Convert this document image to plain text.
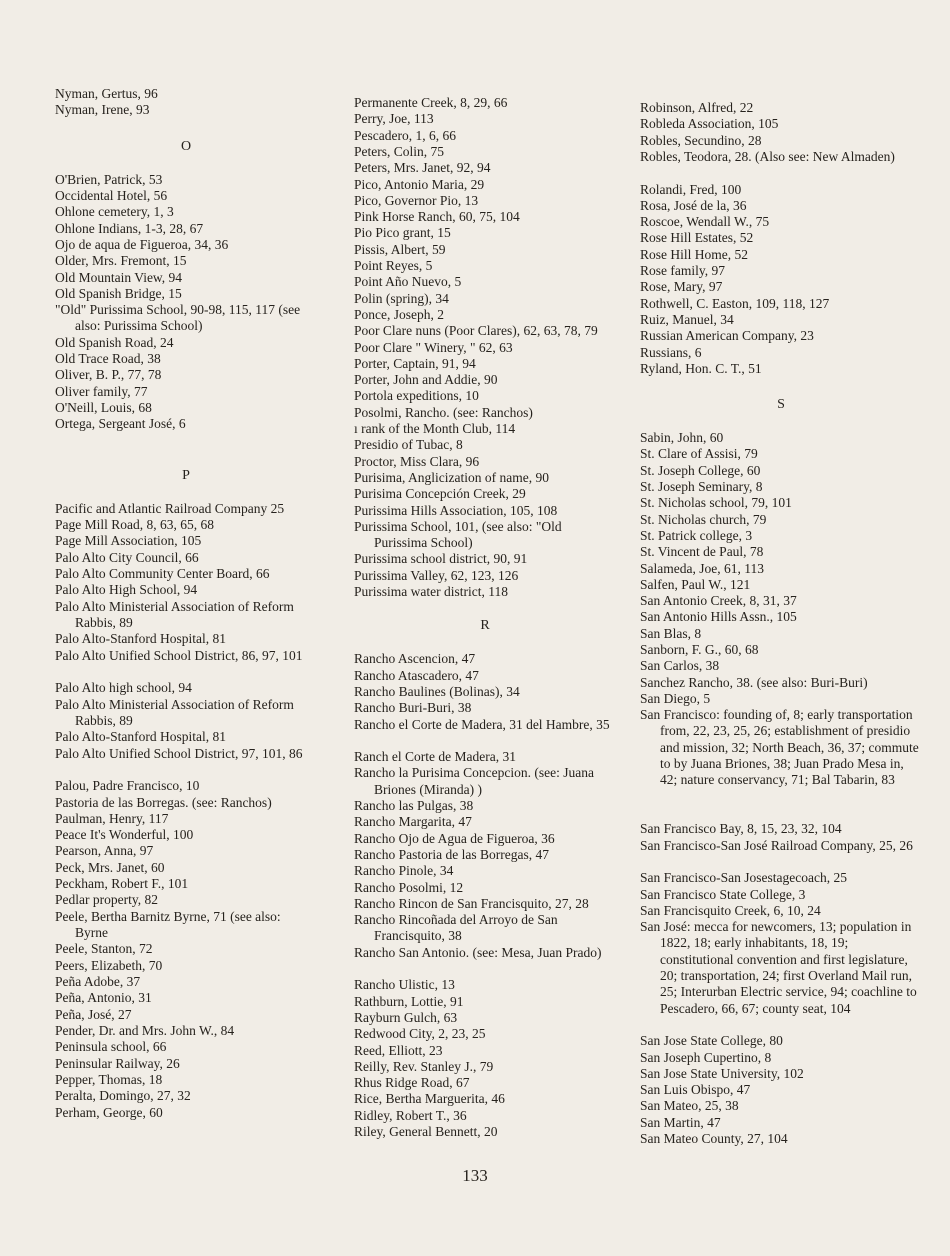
Nyman, Gertus, 96
Nyman, Irene, 93
O
O'Brien, Patrick, 53
Occidental Hotel, 56
Ohlone cemetery, 1, 3
Ohlone Indians, 1-3, 28, 67
Ojo de aqua de Figueroa, 34, 36
Older, Mrs. Fremont, 15
Old Mountain View, 94
Old Spanish Bridge, 15
"Old" Purissima School, 90-98, 115, 117 (see also: Purissima School)
Old Spanish Road, 24
Old Trace Road, 38
Oliver, B. P., 77, 78
Oliver family, 77
O'Neill, Louis, 68
Ortega, Sergeant José, 6
P
Pacific and Atlantic Railroad Company 25
Page Mill Road, 8, 63, 65, 68
Page Mill Association, 105
Palo Alto City Council, 66
Palo Alto Community Center Board, 66
Palo Alto High School, 94
Palo Alto Ministerial Association of Reform Rabbis, 89
Palo Alto-Stanford Hospital, 81
Palo Alto Unified School District, 86, 97, 101
Palo Alto high school, 94
Palo Alto Ministerial Association of Reform Rabbis, 89
Palo Alto-Stanford Hospital, 81
Palo Alto Unified School District, 97, 101, 86
Palou, Padre Francisco, 10
Pastoria de las Borregas. (see: Ranchos)
Paulman, Henry, 117
Peace It's Wonderful, 100
Pearson, Anna, 97
Peck, Mrs. Janet, 60
Peckham, Robert F., 101
Pedlar property, 82
Peele, Bertha Barnitz Byrne, 71 (see also: Byrne
Peele, Stanton, 72
Peers, Elizabeth, 70
Peña Adobe, 37
Peña, Antonio, 31
Peña, José, 27
Pender, Dr. and Mrs. John W., 84
Peninsula school, 66
Peninsular Railway, 26
Pepper, Thomas, 18
Peralta, Domingo, 27, 32
Perham, George, 60
Permanente Creek, 8, 29, 66
Perry, Joe, 113
Pescadero, 1, 6, 66
Peters, Colin, 75
Peters, Mrs. Janet, 92, 94
Pico, Antonio Maria, 29
Pico, Governor Pio, 13
Pink Horse Ranch, 60, 75, 104
Pio Pico grant, 15
Pissis, Albert, 59
Point Reyes, 5
Point Año Nuevo, 5
Polin (spring), 34
Ponce, Joseph, 2
Poor Clare nuns (Poor Clares), 62, 63, 78, 79
Poor Clare " Winery, " 62, 63
Porter, Captain, 91, 94
Porter, John and Addie, 90
Portola expeditions, 10
Posolmi, Rancho. (see: Ranchos)
ı rank of the Month Club, 114
Presidio of Tubac, 8
Proctor, Miss Clara, 96
Purisima, Anglicization of name, 90
Purisima Concepción Creek, 29
Purissima Hills Association, 105, 108
Purissima School, 101, (see also: "Old Purissima School)
Purissima school district, 90, 91
Purissima Valley, 62, 123, 126
Purissima water district, 118
R
Rancho Ascencion, 47
Rancho Atascadero, 47
Rancho Baulines (Bolinas), 34
Rancho Buri-Buri, 38
Rancho el Corte de Madera, 31 del Hambre, 35
Ranch el Corte de Madera, 31
Rancho la Purisima Concepcion. (see: Juana Briones (Miranda) )
Rancho las Pulgas, 38
Rancho Margarita, 47
Rancho Ojo de Agua de Figueroa, 36
Rancho Pastoria de las Borregas, 47
Rancho Pinole, 34
Rancho Posolmi, 12
Rancho Rincon de San Francisquito, 27, 28
Rancho Rincoñada del Arroyo de San Francisquito, 38
Rancho San Antonio. (see: Mesa, Juan Prado)
Rancho Ulistic, 13
Rathburn, Lottie, 91
Rayburn Gulch, 63
Redwood City, 2, 23, 25
Reed, Elliott, 23
Reilly, Rev. Stanley J., 79
Rhus Ridge Road, 67
Rice, Bertha Marguerita, 46
Ridley, Robert T., 36
Riley, General Bennett, 20
Robinson, Alfred, 22
Robleda Association, 105
Robles, Secundino, 28
Robles, Teodora, 28. (Also see: New Almaden)
Rolandi, Fred, 100
Rosa, José de la, 36
Roscoe, Wendall W., 75
Rose Hill Estates, 52
Rose Hill Home, 52
Rose family, 97
Rose, Mary, 97
Rothwell, C. Easton, 109, 118, 127
Ruiz, Manuel, 34
Russian American Company, 23
Russians, 6
Ryland, Hon. C. T., 51
S
Sabin, John, 60
St. Clare of Assisi, 79
St. Joseph College, 60
St. Joseph Seminary, 8
St. Nicholas school, 79, 101
St. Nicholas church, 79
St. Patrick college, 3
St. Vincent de Paul, 78
Salameda, Joe, 61, 113
Salfen, Paul W., 121
San Antonio Creek, 8, 31, 37
San Antonio Hills Assn., 105
San Blas, 8
Sanborn, F. G., 60, 68
San Carlos, 38
Sanchez Rancho, 38. (see also: Buri-Buri)
San Diego, 5
San Francisco: founding of, 8; early transportation from, 22, 23, 25, 26; establishment of presidio and mission, 32; North Beach, 36, 37; commute to by Juana Briones, 38; Juan Prado Mesa in, 42; nature conservancy, 71; Bal Tabarin, 83
San Francisco Bay, 8, 15, 23, 32, 104
San Francisco-San José Railroad Company, 25, 26
San Francisco-San Josestagecoach, 25
San Francisco State College, 3
San Francisquito Creek, 6, 10, 24
San José: mecca for newcomers, 13; population in 1822, 18; early inhabitants, 18, 19; constitutional convention and first legislature, 20; transportation, 24; first Overland Mail run, 25; Interurban Electric service, 94; coachline to Pescadero, 66, 67; county seat, 104
San Jose State College, 80
San Joseph Cupertino, 8
San Jose State University, 102
San Luis Obispo, 47
San Mateo, 25, 38
San Martin, 47
San Mateo County, 27, 104
133
